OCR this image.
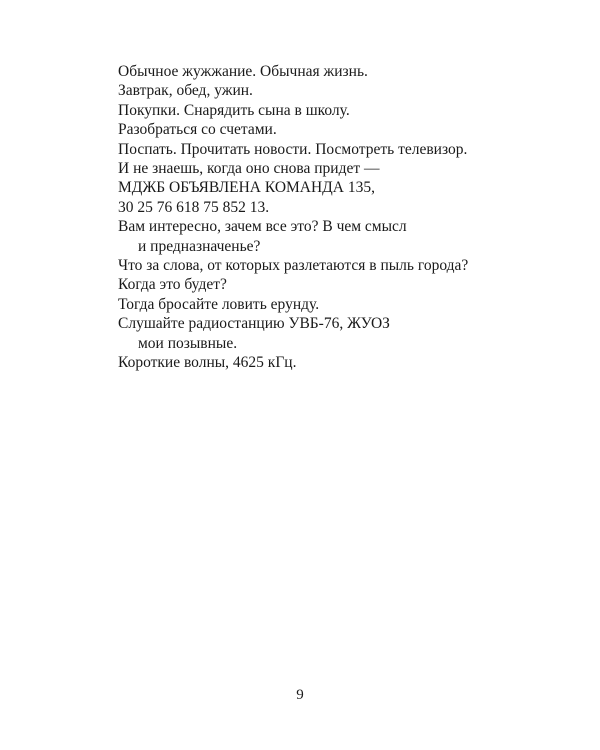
Обычное жужжание. Обычная жизнь.
Завтрак, обед, ужин.
Покупки. Снарядить сына в школу.
Разобраться со счетами.
Поспать. Прочитать новости. Посмотреть телевизор.
И не знаешь, когда оно снова придет —
МДЖБ ОБЪЯВЛЕНА КОМАНДА 135,
30 25 76 618 75 852 13.
Вам интересно, зачем все это? В чем смысл
и предназначенье?
Что за слова, от которых разлетаются в пыль города?
Когда это будет?
Тогда бросайте ловить ерунду.
Слушайте радиостанцию УВБ-76, ЖУОЗ
мои позывные.
Короткие волны, 4625 кГц.
9
